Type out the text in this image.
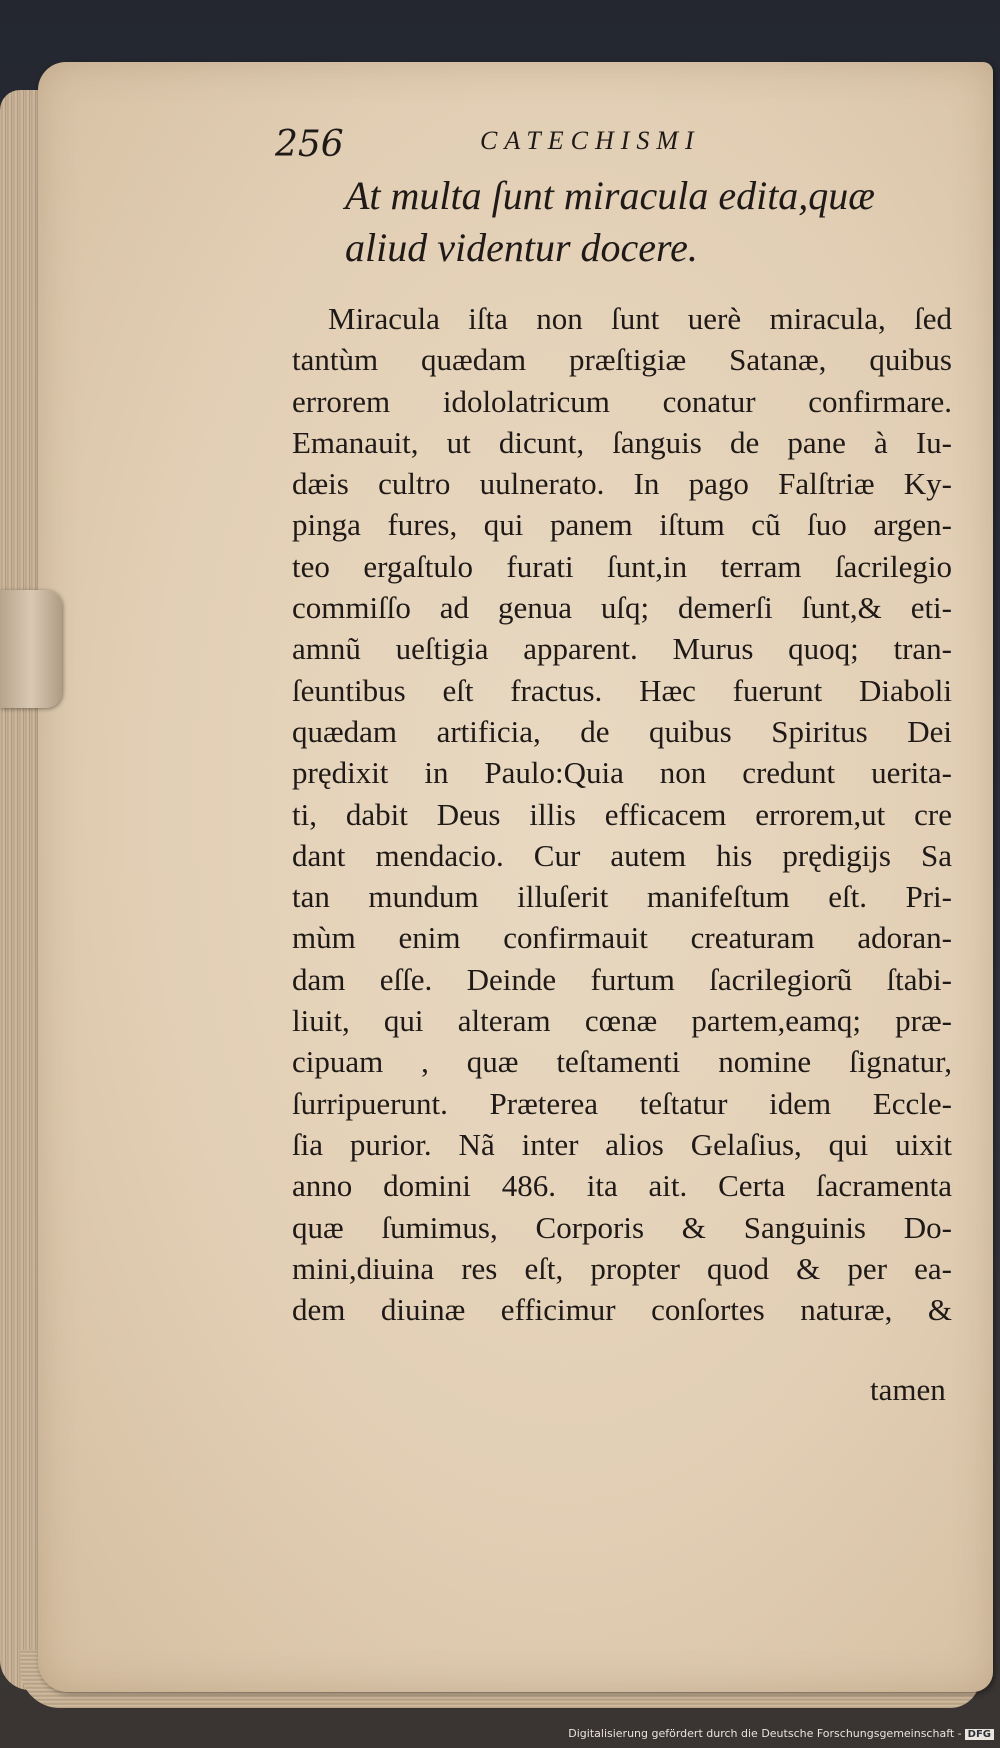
256	CATECHISMI
At multa ſunt miracula edita,quæ
aliud videntur docere.
Miracula iſta non ſunt uerè miracula, ſed
tantùm quædam præſtigiæ Satanæ, quibus
errorem idololatricum conatur confirmare.
Emanauit, ut dicunt, ſanguis de pane à Iu-
dæis cultro uulnerato. In pago Falſtriæ Ky-
pinga fures, qui panem iſtum cũ ſuo argen-
teo ergaſtulo furati ſunt,in terram ſacrilegio
commiſſo ad genua uſq; demerſi ſunt,& eti-
amnũ ueſtigia apparent. Murus quoq; tran-
ſeuntibus eſt fractus. Hæc fuerunt Diaboli
quædam artificia, de quibus Spiritus Dei
prędixit in Paulo:Quia non credunt uerita-
ti, dabit Deus illis efficacem errorem,ut cre
dant mendacio. Cur autem his prędigijs Sa
tan mundum illuſerit manifeſtum eſt. Pri-
mùm enim confirmauit creaturam adoran-
dam eſſe. Deinde furtum ſacrilegiorũ ſtabi-
liuit, qui alteram cœnæ partem,eamq; præ-
cipuam , quæ teſtamenti nomine ſignatur,
ſurripuerunt. Præterea teſtatur idem Eccle-
ſia purior. Nã inter alios Gelaſius, qui uixit
anno domini 486. ita ait. Certa ſacramenta
quæ ſumimus, Corporis & Sanguinis Do-
mini,diuina res eſt, propter quod & per ea-
dem diuinæ efficimur conſortes naturæ, &
tamen
Digitalisierung gefördert durch die Deutsche Forschungsgemeinschaft - DFG
